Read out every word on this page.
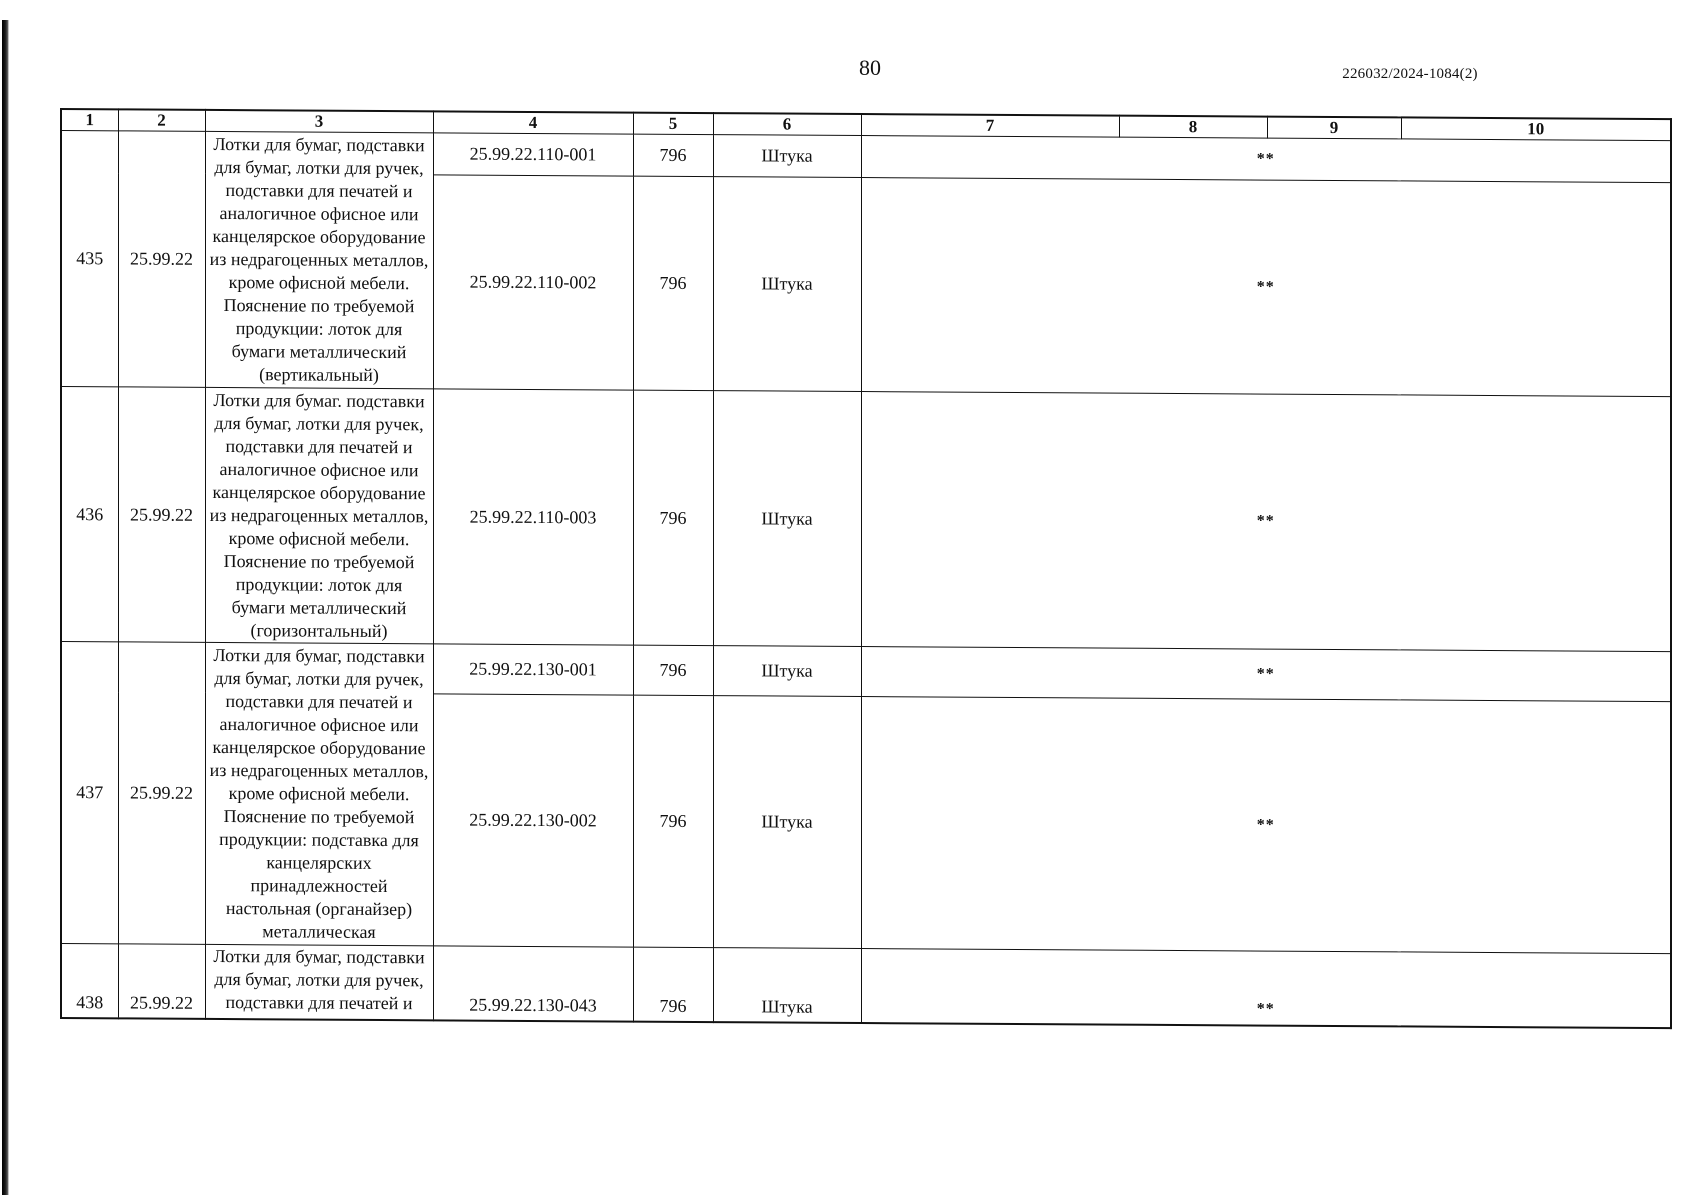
80	226032/2024-1084(2)
1	2	3	4	5	6	7	8	9	10
435	25.99.22	Лотки для бумаг, подставки для бумаг, лотки для ручек, подставки для печатей и аналогичное офисное или канцелярское оборудование из недрагоценных металлов, кроме офисной мебели. Пояснение по требуемой продукции: лоток для бумаги металлический (вертикальный)	25.99.22.110-001	796	Штука	**			
			25.99.22.110-002	796	Штука	**			
436	25.99.22	Лотки для бумаг. подставки для бумаг, лотки для ручек, подставки для печатей и аналогичное офисное или канцелярское оборудование из недрагоценных металлов, кроме офисной мебели. Пояснение по требуемой продукции: лоток для бумаги металлический (горизонтальный)	25.99.22.110-003	796	Штука	**			
437	25.99.22	Лотки для бумаг, подставки для бумаг, лотки для ручек, подставки для печатей и аналогичное офисное или канцелярское оборудование из недрагоценных металлов, кроме офисной мебели. Пояснение по требуемой продукции: подставка для канцелярских принадлежностей настольная (органайзер) металлическая	25.99.22.130-001	796	Штука	**			
			25.99.22.130-002	796	Штука	**			
438	25.99.22	Лотки для бумаг, подставки для бумаг, лотки для ручек, подставки для печатей и	25.99.22.130-043	796	Штука	**			
